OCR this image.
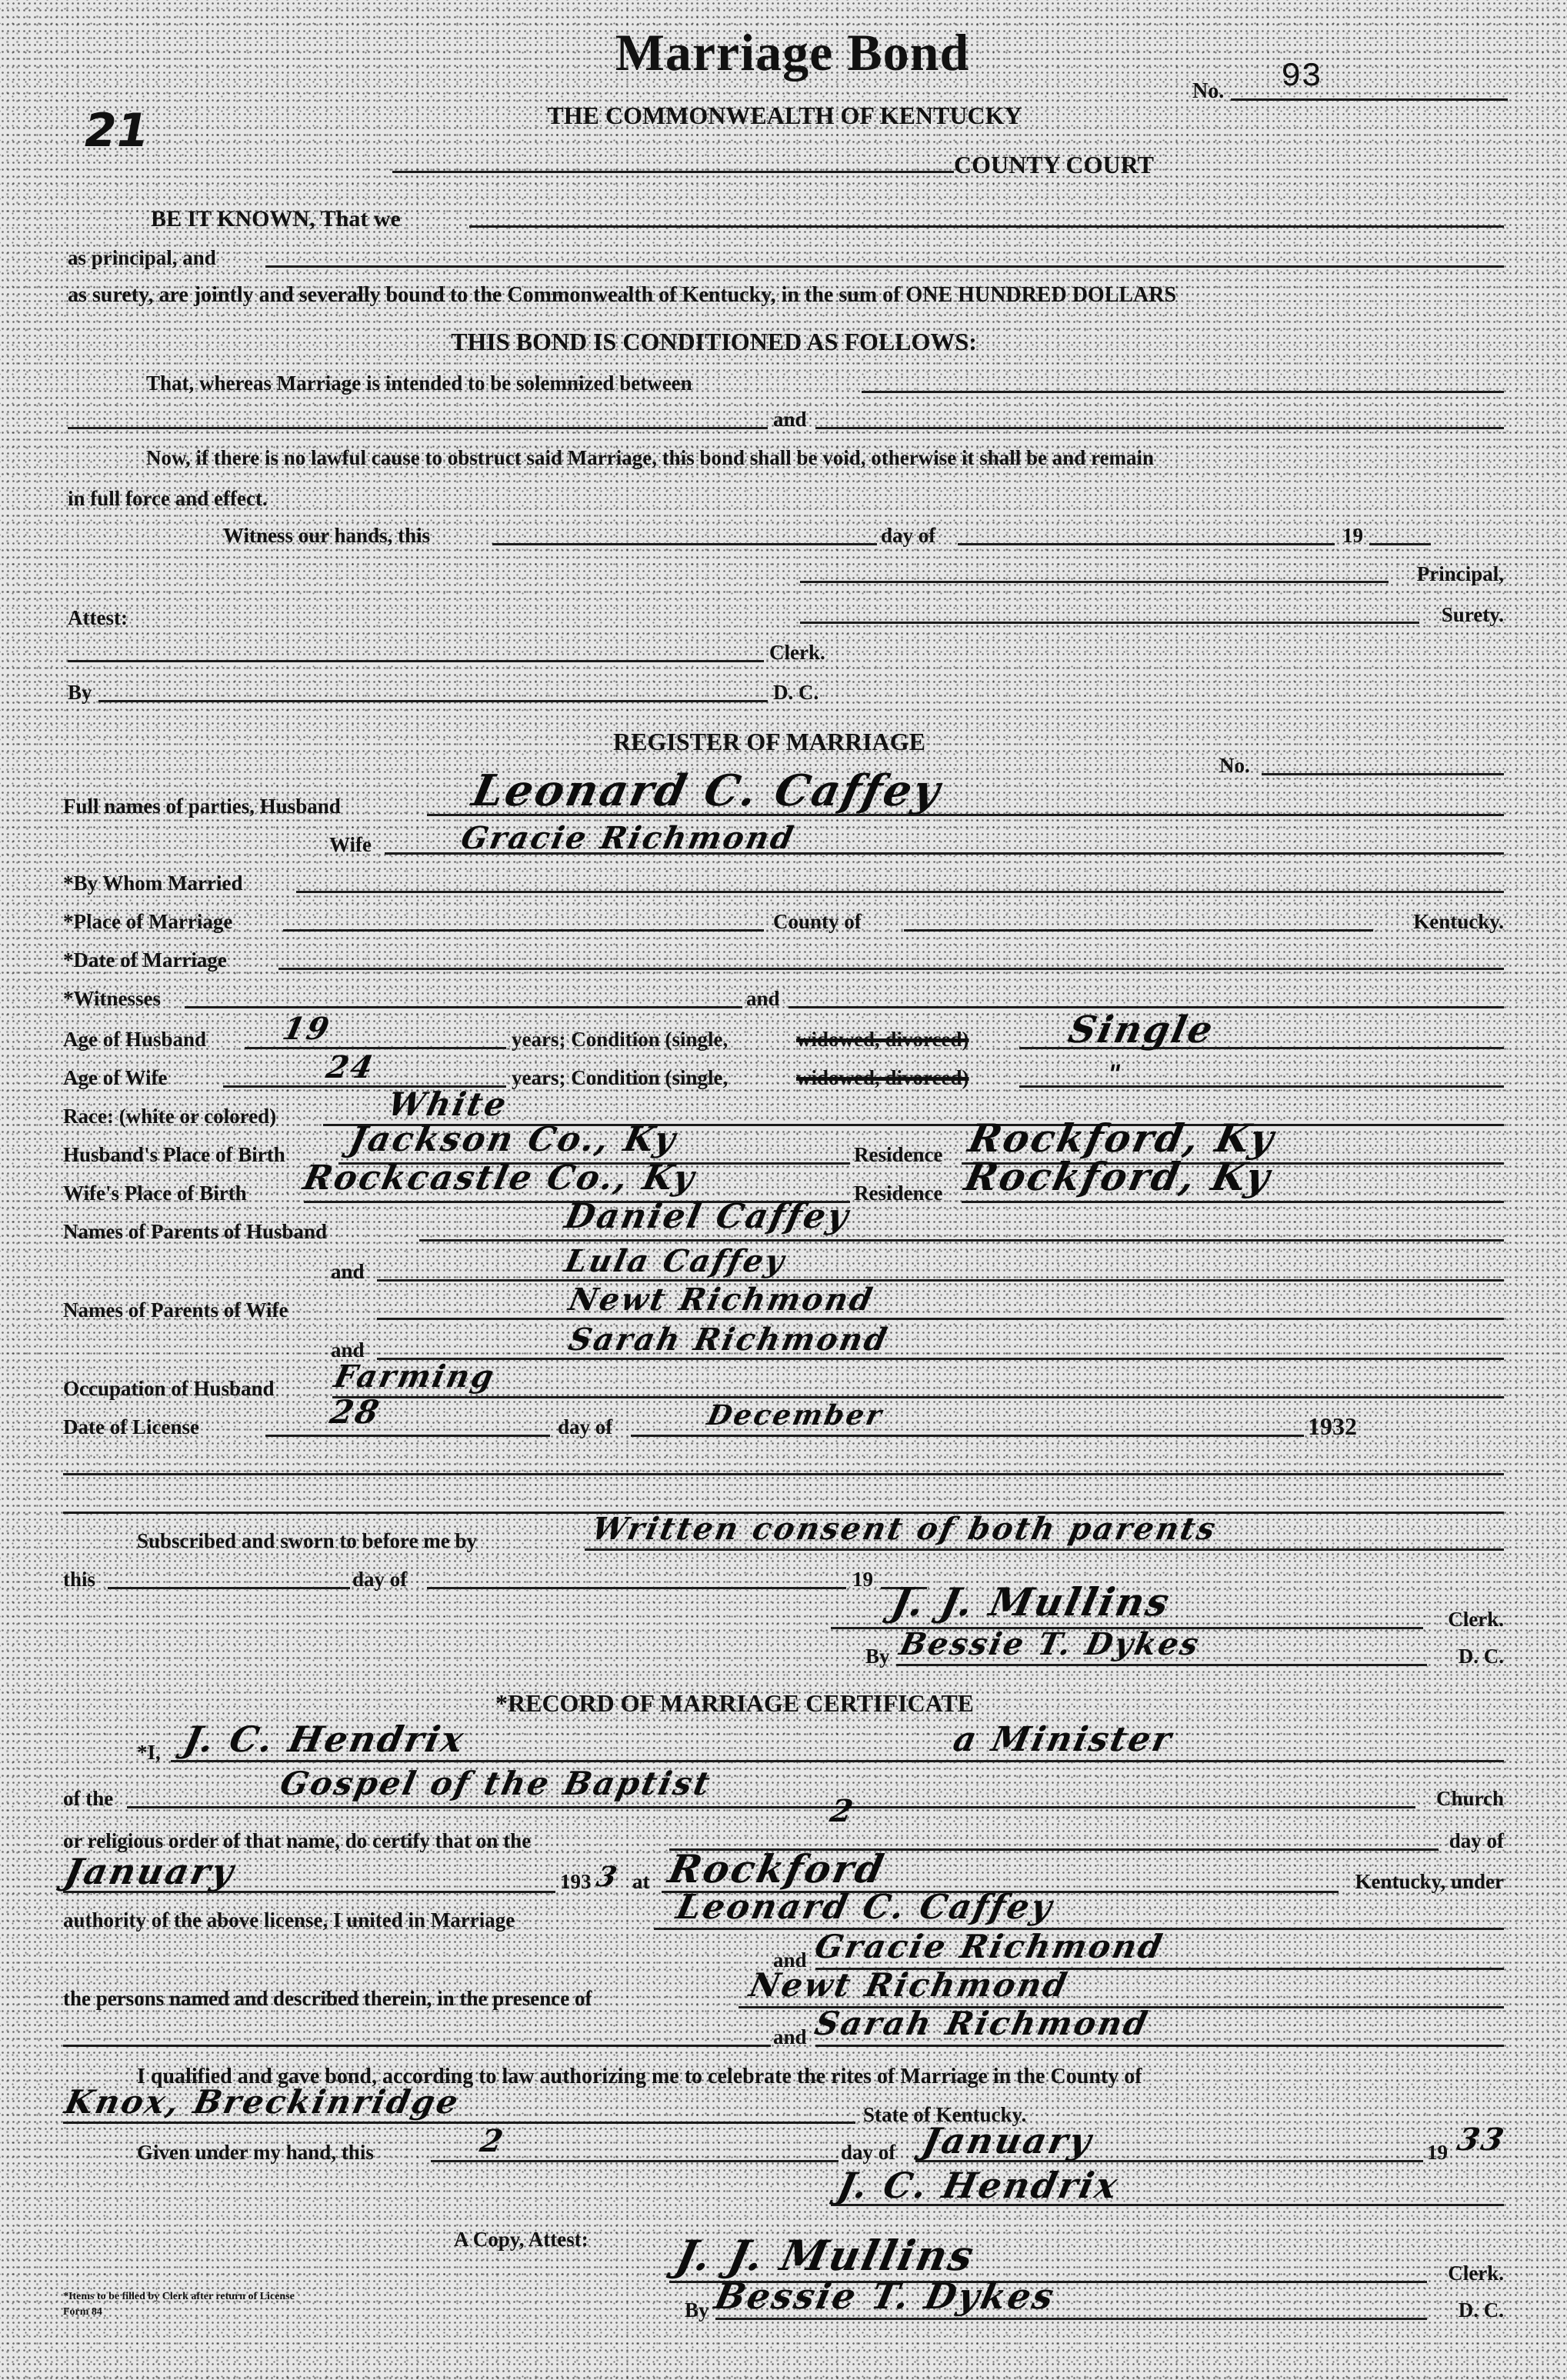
Marriage Bond
No. 93
21	THE COMMONWEALTH OF KENTUCKY
COUNTY COURT
BE IT KNOWN, That we
as principal, and
as surety, are jointly and severally bound to the Commonwealth of Kentucky, in the sum of ONE HUNDRED DOLLARS
THIS BOND IS CONDITIONED AS FOLLOWS:
That, whereas Marriage is intended to be solemnized between
and
Now, if there is no lawful cause to obstruct said Marriage, this bond shall be void, otherwise it shall be and remain
in full force and effect.
Witness our hands, this	day of	19
Principal,
Attest:	Surety.
Clerk.
By	D. C.
REGISTER OF MARRIAGE
No.
Full names of parties, Husband	Leonard C. Caffey
Wife	Gracie Richmond
*By Whom Married
*Place of Marriage	County of	Kentucky.
*Date of Marriage
*Witnesses	and
Age of Husband 19	years; Condition (single,	widowed, divorced)	Single
Age of Wife	24	years; Condition (single,	widowed, divorced)	"
Race: (white or colored)	White
Husband's Place of Birth Jackson Co., Ky	Residence Rockford, Ky
Wife's Place of Birth Rockcastle Co., Ky	Residence Rockford, Ky
Names of Parents of Husband	Daniel Caffey
and	Lula Caffey
Names of Parents of Wife	Newt Richmond
and	Sarah Richmond
Occupation of Husband Farming
Date of License	28	day of	December	1932
Subscribed and sworn to before me by	Written consent of both parents
this	day of	19 J. J. Mullins	Clerk.
By Bessie T. Dykes	D. C.
*RECORD OF MARRIAGE CERTIFICATE
*I, J. C. Hendrix	a Minister
of the	Gospel of the Baptist	Church
or religious order of that name, do certify that on the
2
day of
January	193 3 at Rockford	Kentucky, under
authority of the above license, I united in Marriage	Leonard C. Caffey
and Gracie Richmond
the persons named and described therein, in the presence of	Newt Richmond
and Sarah Richmond
I qualified and gave bond, according to law authorizing me to celebrate the rites of Marriage in the County of
Knox, Breckinridge	State of Kentucky.
Given under my hand, this	2	day of January	19 33
J. C. Hendrix
A Copy, Attest: J. J. Mullins	Clerk.
By Bessie T. Dykes	D. C.
*Items to be filled by Clerk after return of License
Form 84
